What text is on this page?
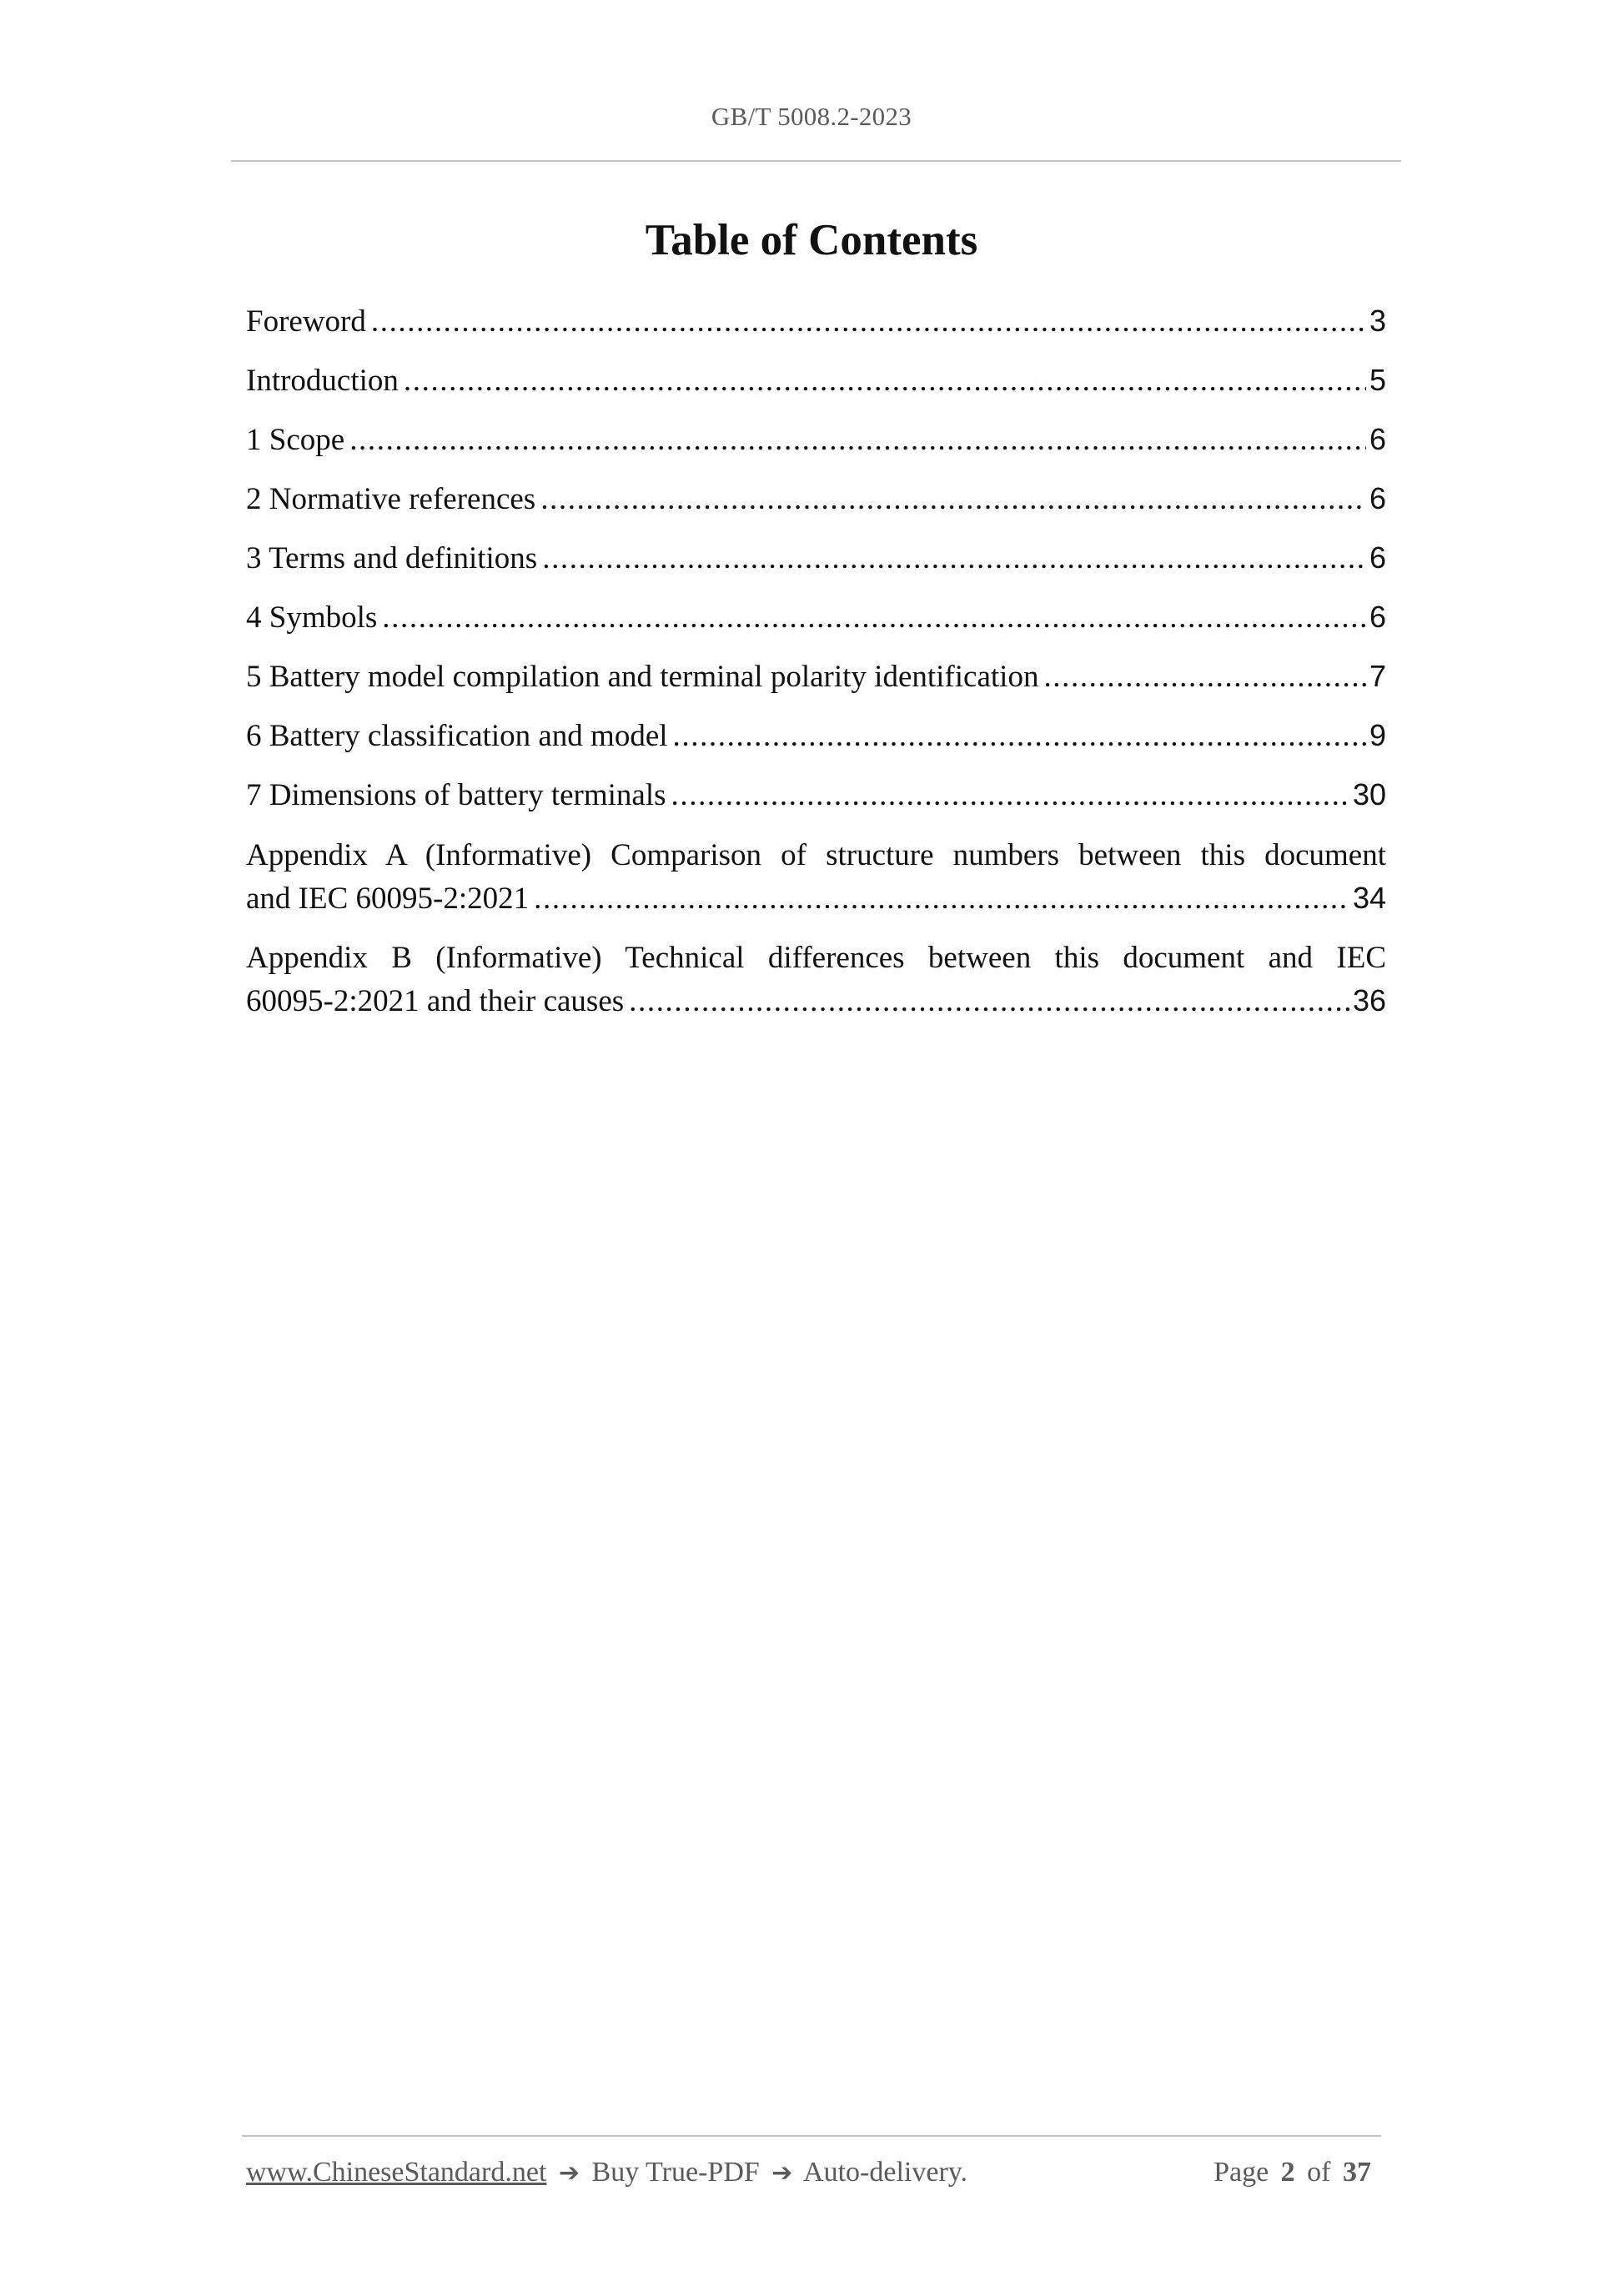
GB/T 5008.2-2023
Table of Contents
Foreword .....	3
Introduction .....	5
1 Scope .....	6
2 Normative references .....	6
3 Terms and definitions .....	6
4 Symbols .....	6
5 Battery model compilation and terminal polarity identification .....	7
6 Battery classification and model .....	9
7 Dimensions of battery terminals .....	30
Appendix A (Informative) Comparison of structure numbers between this document
and IEC 60095-2:2021 .....	34
Appendix B (Informative) Technical differences between this document and IEC
60095-2:2021 and their causes .....	36
www.ChineseStandard.net ➔ Buy True-PDF ➔ Auto-delivery.	Page 2 of 37
